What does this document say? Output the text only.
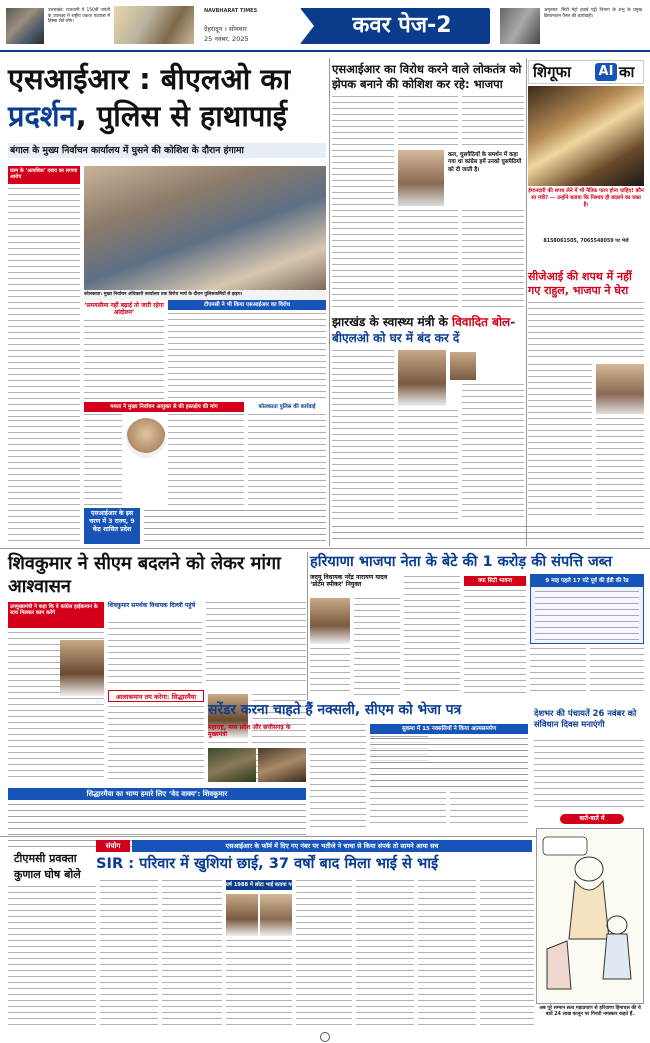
उत्तराखंड: राजधानी में 150वीं जयंती के उपलक्ष्य में राष्ट्रीय एकता पदयात्रा में हिस्सा लेते लोग।
NAVBHARAT TIMES
देहरादून । सोमवार
25 नवंबर, 2025
कवर पेज-2
अमृतसर: सिटी मेट्रो हवाई पट्टी विभाग के शंभु के प्रमुख क्रियान्वयन पैनल की कार्यवाही।
एसआईआर : बीएलओ का
प्रदर्शन, पुलिस से हाथापाई
बंगाल के मुख्य निर्वाचन कार्यालय में घुसने की कोशिश के दौरान हंगामा
काम के ‘अत्यधिक’ दबाव का लगाया आरोप
कोलकाता: मुख्य निर्वाचन अधिकारी कार्यालय तक विरोध मार्च के दौरान पुलिसकर्मियों से झड़प।
‘समयसीमा नहीं बढ़ाई तो जारी रहेगा आंदोलन’
टीएमसी ने भी किया एसआईआर का विरोध
ममता ने मुख्य निर्वाचन आयुक्त से की हस्तक्षेप की मांग	कोलकाता पुलिस की कार्रवाई
एसआईआर के इस चरण में 3 राज्य, 9 केंद्र शासित प्रदेश
एसआईआर का विरोध करने वाले लोकतंत्र को झेपक बनाने की कोशिश कर रहे: भाजपा
कल, घुसपैठियों के समर्थन में कहा गया था कांग्रेस हमें उनको घुसपैठियों को दी जाती है।
शिगूफा AI का
ईमानदारी की शपथ लेने में भी नैतिक पतन होना चाहिए! कौन सा मंत्री? — उन्होंने बताया कि निश्चय ही बदलने का वक्त है।
8158061505, 7065548059 पर भेजें
झारखंड के स्वास्थ्य मंत्री के विवादित बोल- बीएलओ को घर में बंद कर दें
सीजेआई की शपथ में नहीं गए राहुल, भाजपा ने घेरा
शिवकुमार ने सीएम बदलने को लेकर मांगा आश्वासन
उपमुख्यमंत्री ने कहा कि वे कांग्रेस हाईकमान के साथ मिलकर काम करेंगे
शिवकुमार समर्थक विधायक दिल्ली पहुंचे
आलाकमान तय करेगा: सिद्धारमैया
सिद्धारमैया का भाग्य हमारे लिए ‘वेद वाक्य’: शिवकुमार
हरियाणा भाजपा नेता के बेटे की 1 करोड़ की संपत्ति जब्त
जदयू विधायक नरेंद्र नारायण यादव ‘प्रोटेम स्पीकर’ नियुक्त
क्या सिटी भावना	9 माह पहले 17 घंटे पूर्व की ईडी की रेड
सरेंडर करना चाहते हैं नक्सली, सीएम को भेजा पत्र
महाराष्ट्र, मध्य प्रदेश और छत्तीसगढ़ के मुख्यमंत्री
सुकमा में 15 नक्सलियों ने किया आत्मसमर्पण
देशभर की पंचायतें 26 नवंबर को संविधान दिवस मनाएंगी
बातें-बातें में
टीएमसी प्रवक्ता
कुणाल घोष बोले
संयोग	एसआईआर के फॉर्म में दिए गए नंबर पर भतीजे ने चाचा से किया संपर्क तो सामने आया सच
SIR : परिवार में खुशियां छाई, 37 वर्षों बाद मिला भाई से भाई
वर्ष 1988 में छोटा भाई बताया गया कि
अब पूरे सम्मान सत्य महाप्रयाण से हरियाणा हिमाचल की ये बातें 24 लाख कानून पर गिनती नमस्कार कहते हैं.
